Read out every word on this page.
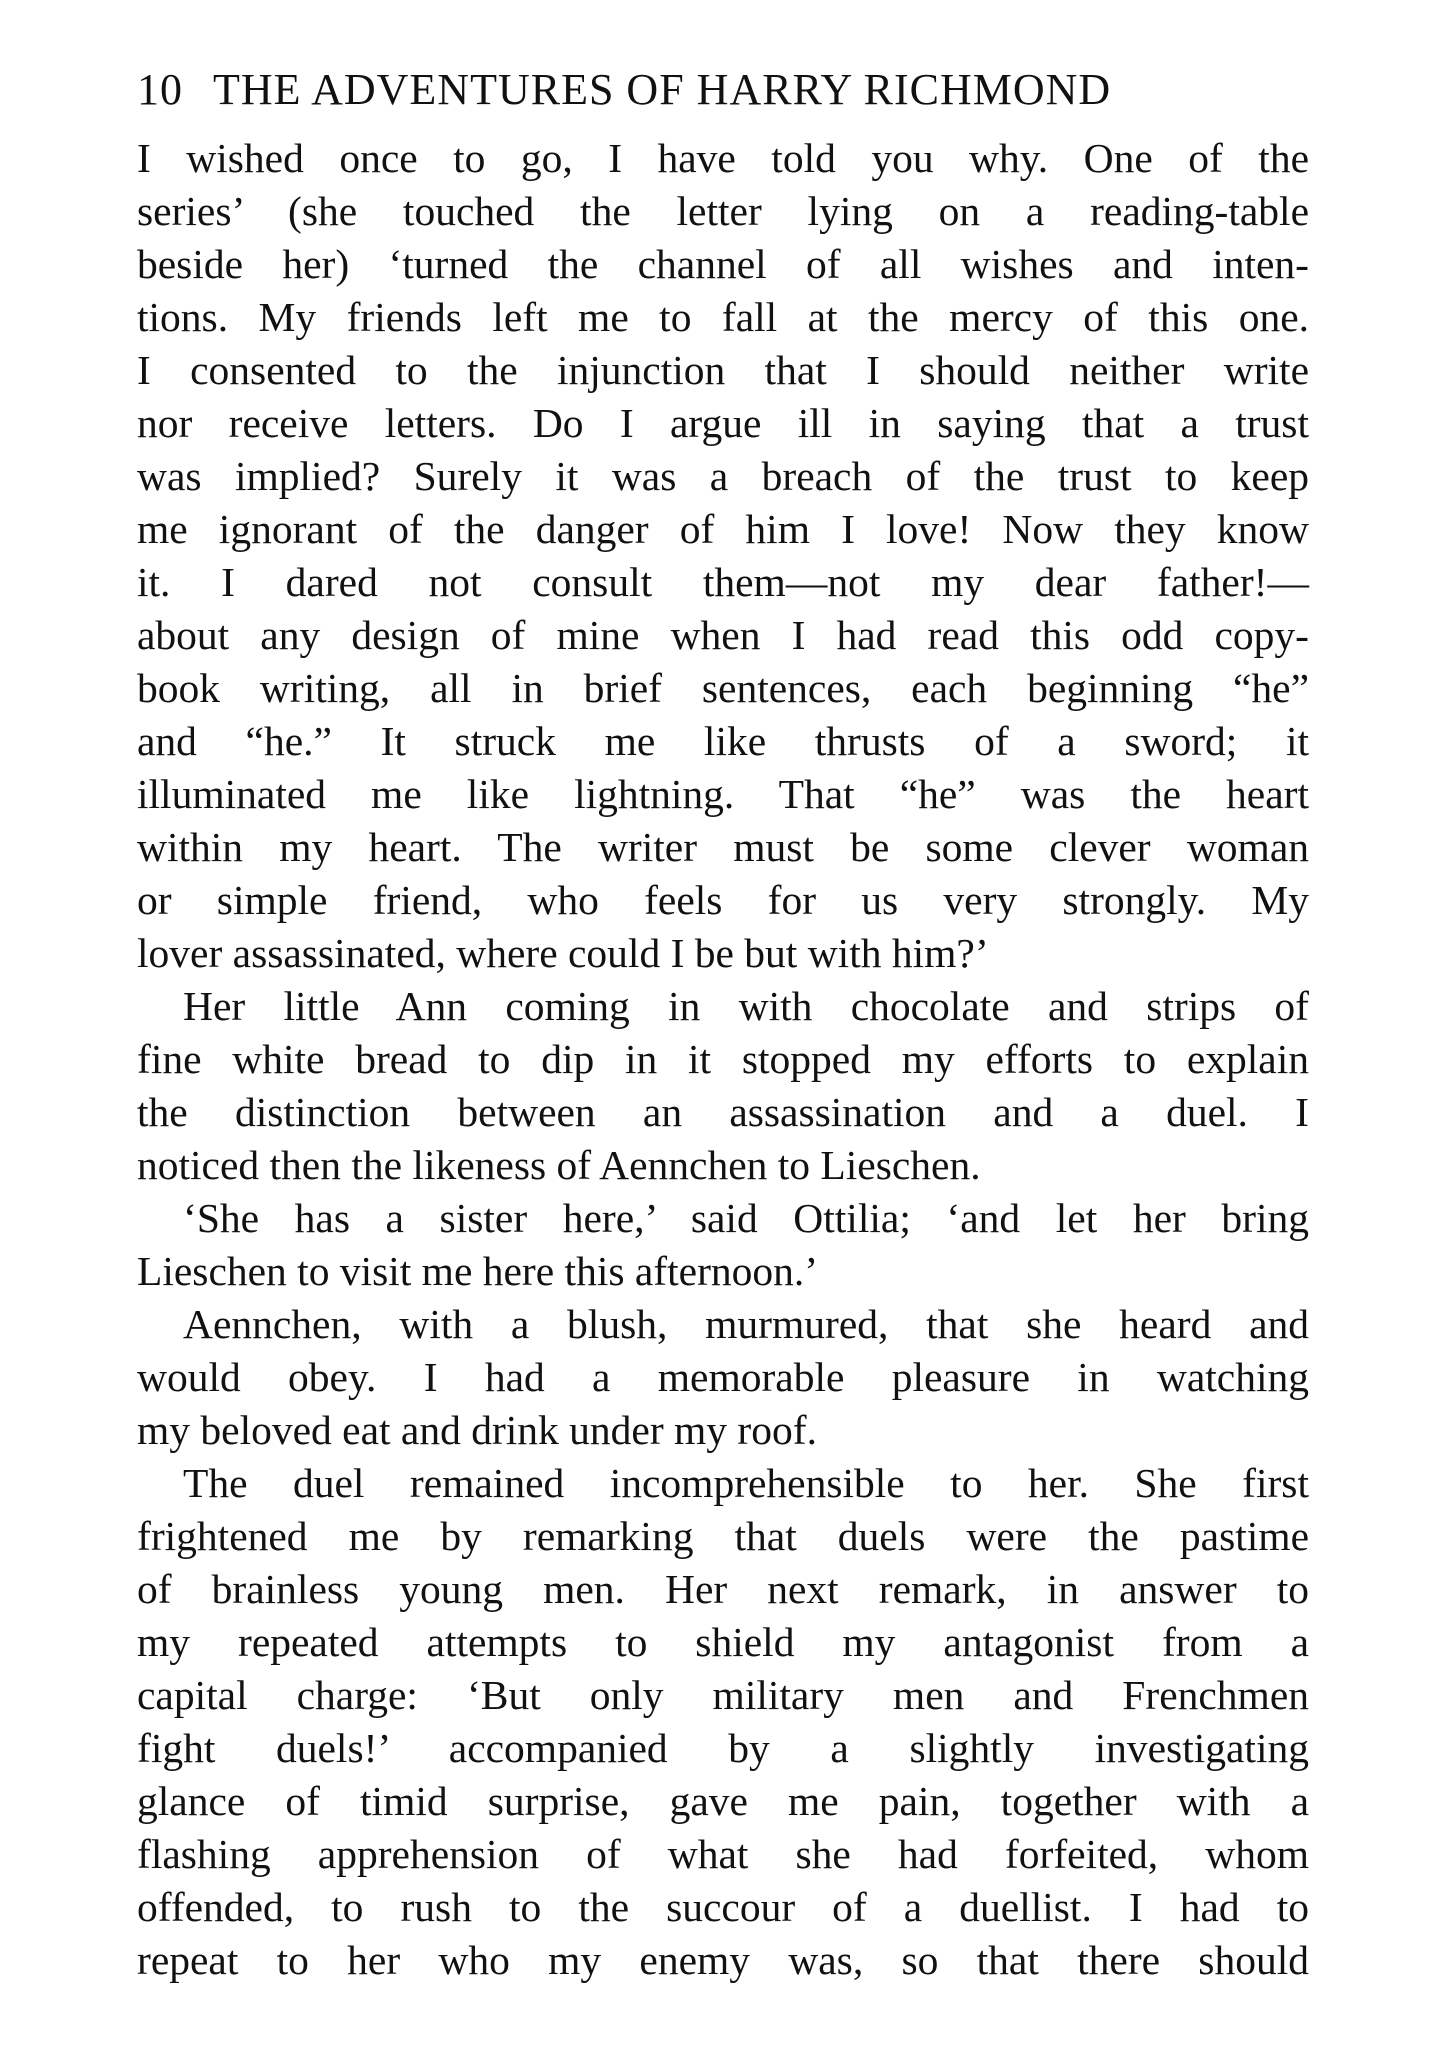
10 THE ADVENTURES OF HARRY RICHMOND
I wished once to go, I have told you why. One of the
series’ (she touched the letter lying on a reading-table
beside her) ‘turned the channel of all wishes and inten-
tions. My friends left me to fall at the mercy of this one.
I consented to the injunction that I should neither write
nor receive letters. Do I argue ill in saying that a trust
was implied? Surely it was a breach of the trust to keep
me ignorant of the danger of him I love! Now they know
it. I dared not consult them—not my dear father!—
about any design of mine when I had read this odd copy-
book writing, all in brief sentences, each beginning “he”
and “he.” It struck me like thrusts of a sword; it
illuminated me like lightning. That “he” was the heart
within my heart. The writer must be some clever woman
or simple friend, who feels for us very strongly. My
lover assassinated, where could I be but with him?’
Her little Ann coming in with chocolate and strips of
fine white bread to dip in it stopped my efforts to explain
the distinction between an assassination and a duel. I
noticed then the likeness of Aennchen to Lieschen.
‘She has a sister here,’ said Ottilia; ‘and let her bring
Lieschen to visit me here this afternoon.’
Aennchen, with a blush, murmured, that she heard and
would obey. I had a memorable pleasure in watching
my beloved eat and drink under my roof.
The duel remained incomprehensible to her. She first
frightened me by remarking that duels were the pastime
of brainless young men. Her next remark, in answer to
my repeated attempts to shield my antagonist from a
capital charge: ‘But only military men and Frenchmen
fight duels!’ accompanied by a slightly investigating
glance of timid surprise, gave me pain, together with a
flashing apprehension of what she had forfeited, whom
offended, to rush to the succour of a duellist. I had to
repeat to her who my enemy was, so that there should
